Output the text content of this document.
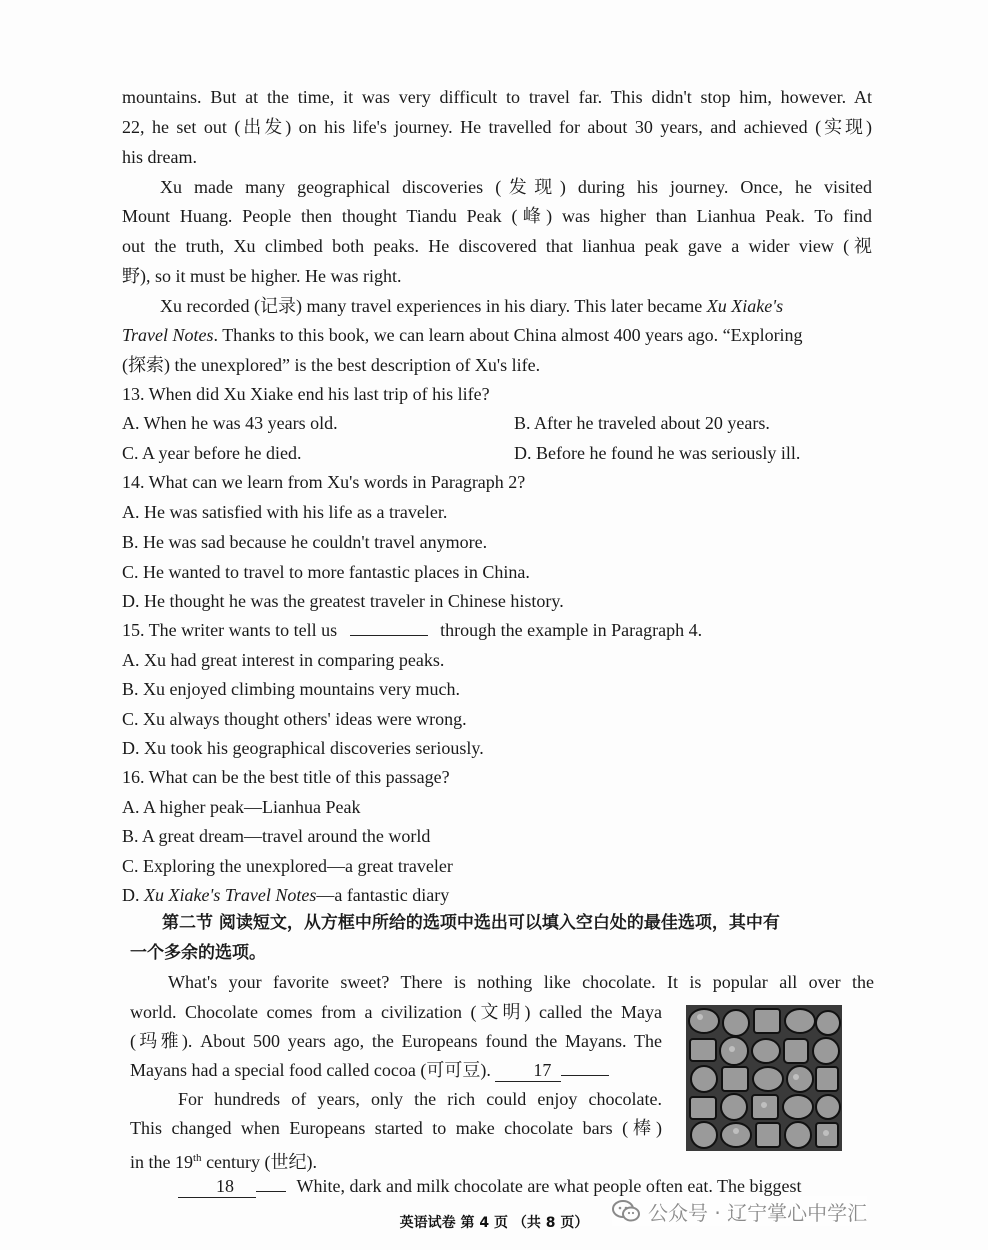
mountains. But at the time, it was very difficult to travel far. This didn't stop him, however. At
22, he set out (出发) on his life's journey. He travelled for about 30 years, and achieved (实现)
his dream.
Xu made many geographical discoveries (发现) during his journey. Once, he visited
Mount Huang. People then thought Tiandu Peak (峰) was higher than Lianhua Peak. To find
out the truth, Xu climbed both peaks. He discovered that lianhua peak gave a wider view (视
野), so it must be higher. He was right.
Xu recorded (记录) many travel experiences in his diary. This later became Xu Xiake's
Travel Notes. Thanks to this book, we can learn about China almost 400 years ago. “Exploring
(探索) the unexplored” is the best description of Xu's life.
13. When did Xu Xiake end his last trip of his life?
A. When he was 43 years old.	B. After he traveled about 20 years.
C. A year before he died.	D. Before he found he was seriously ill.
14. What can we learn from Xu's words in Paragraph 2?
A. He was satisfied with his life as a traveler.
B. He was sad because he couldn't travel anymore.
C. He wanted to travel to more fantastic places in China.
D. He thought he was the greatest traveler in Chinese history.
15. The writer wants to tell us	through the example in Paragraph 4.
A. Xu had great interest in comparing peaks.
B. Xu enjoyed climbing mountains very much.
C. Xu always thought others' ideas were wrong.
D. Xu took his geographical discoveries seriously.
16. What can be the best title of this passage?
A. A higher peak—Lianhua Peak
B. A great dream—travel around the world
C. Exploring the unexplored—a great traveler
D. Xu Xiake's Travel Notes—a fantastic diary
第二节 阅读短文，从方框中所给的选项中选出可以填入空白处的最佳选项，其中有
一个多余的选项。
What's your favorite sweet? There is nothing like chocolate. It is popular all over the
world. Chocolate comes from a civilization (文明) called the Maya
(玛雅). About 500 years ago, the Europeans found the Mayans. The
Mayans had a special food called cocoa (可可豆). 17
For hundreds of years, only the rich could enjoy chocolate.
This changed when Europeans started to make chocolate bars (棒)
in the 19th century (世纪).
18	White, dark and milk chocolate are what people often eat. The biggest
英语试卷 第 4 页 （共 8 页）	公众号 · 辽宁掌心中学汇
